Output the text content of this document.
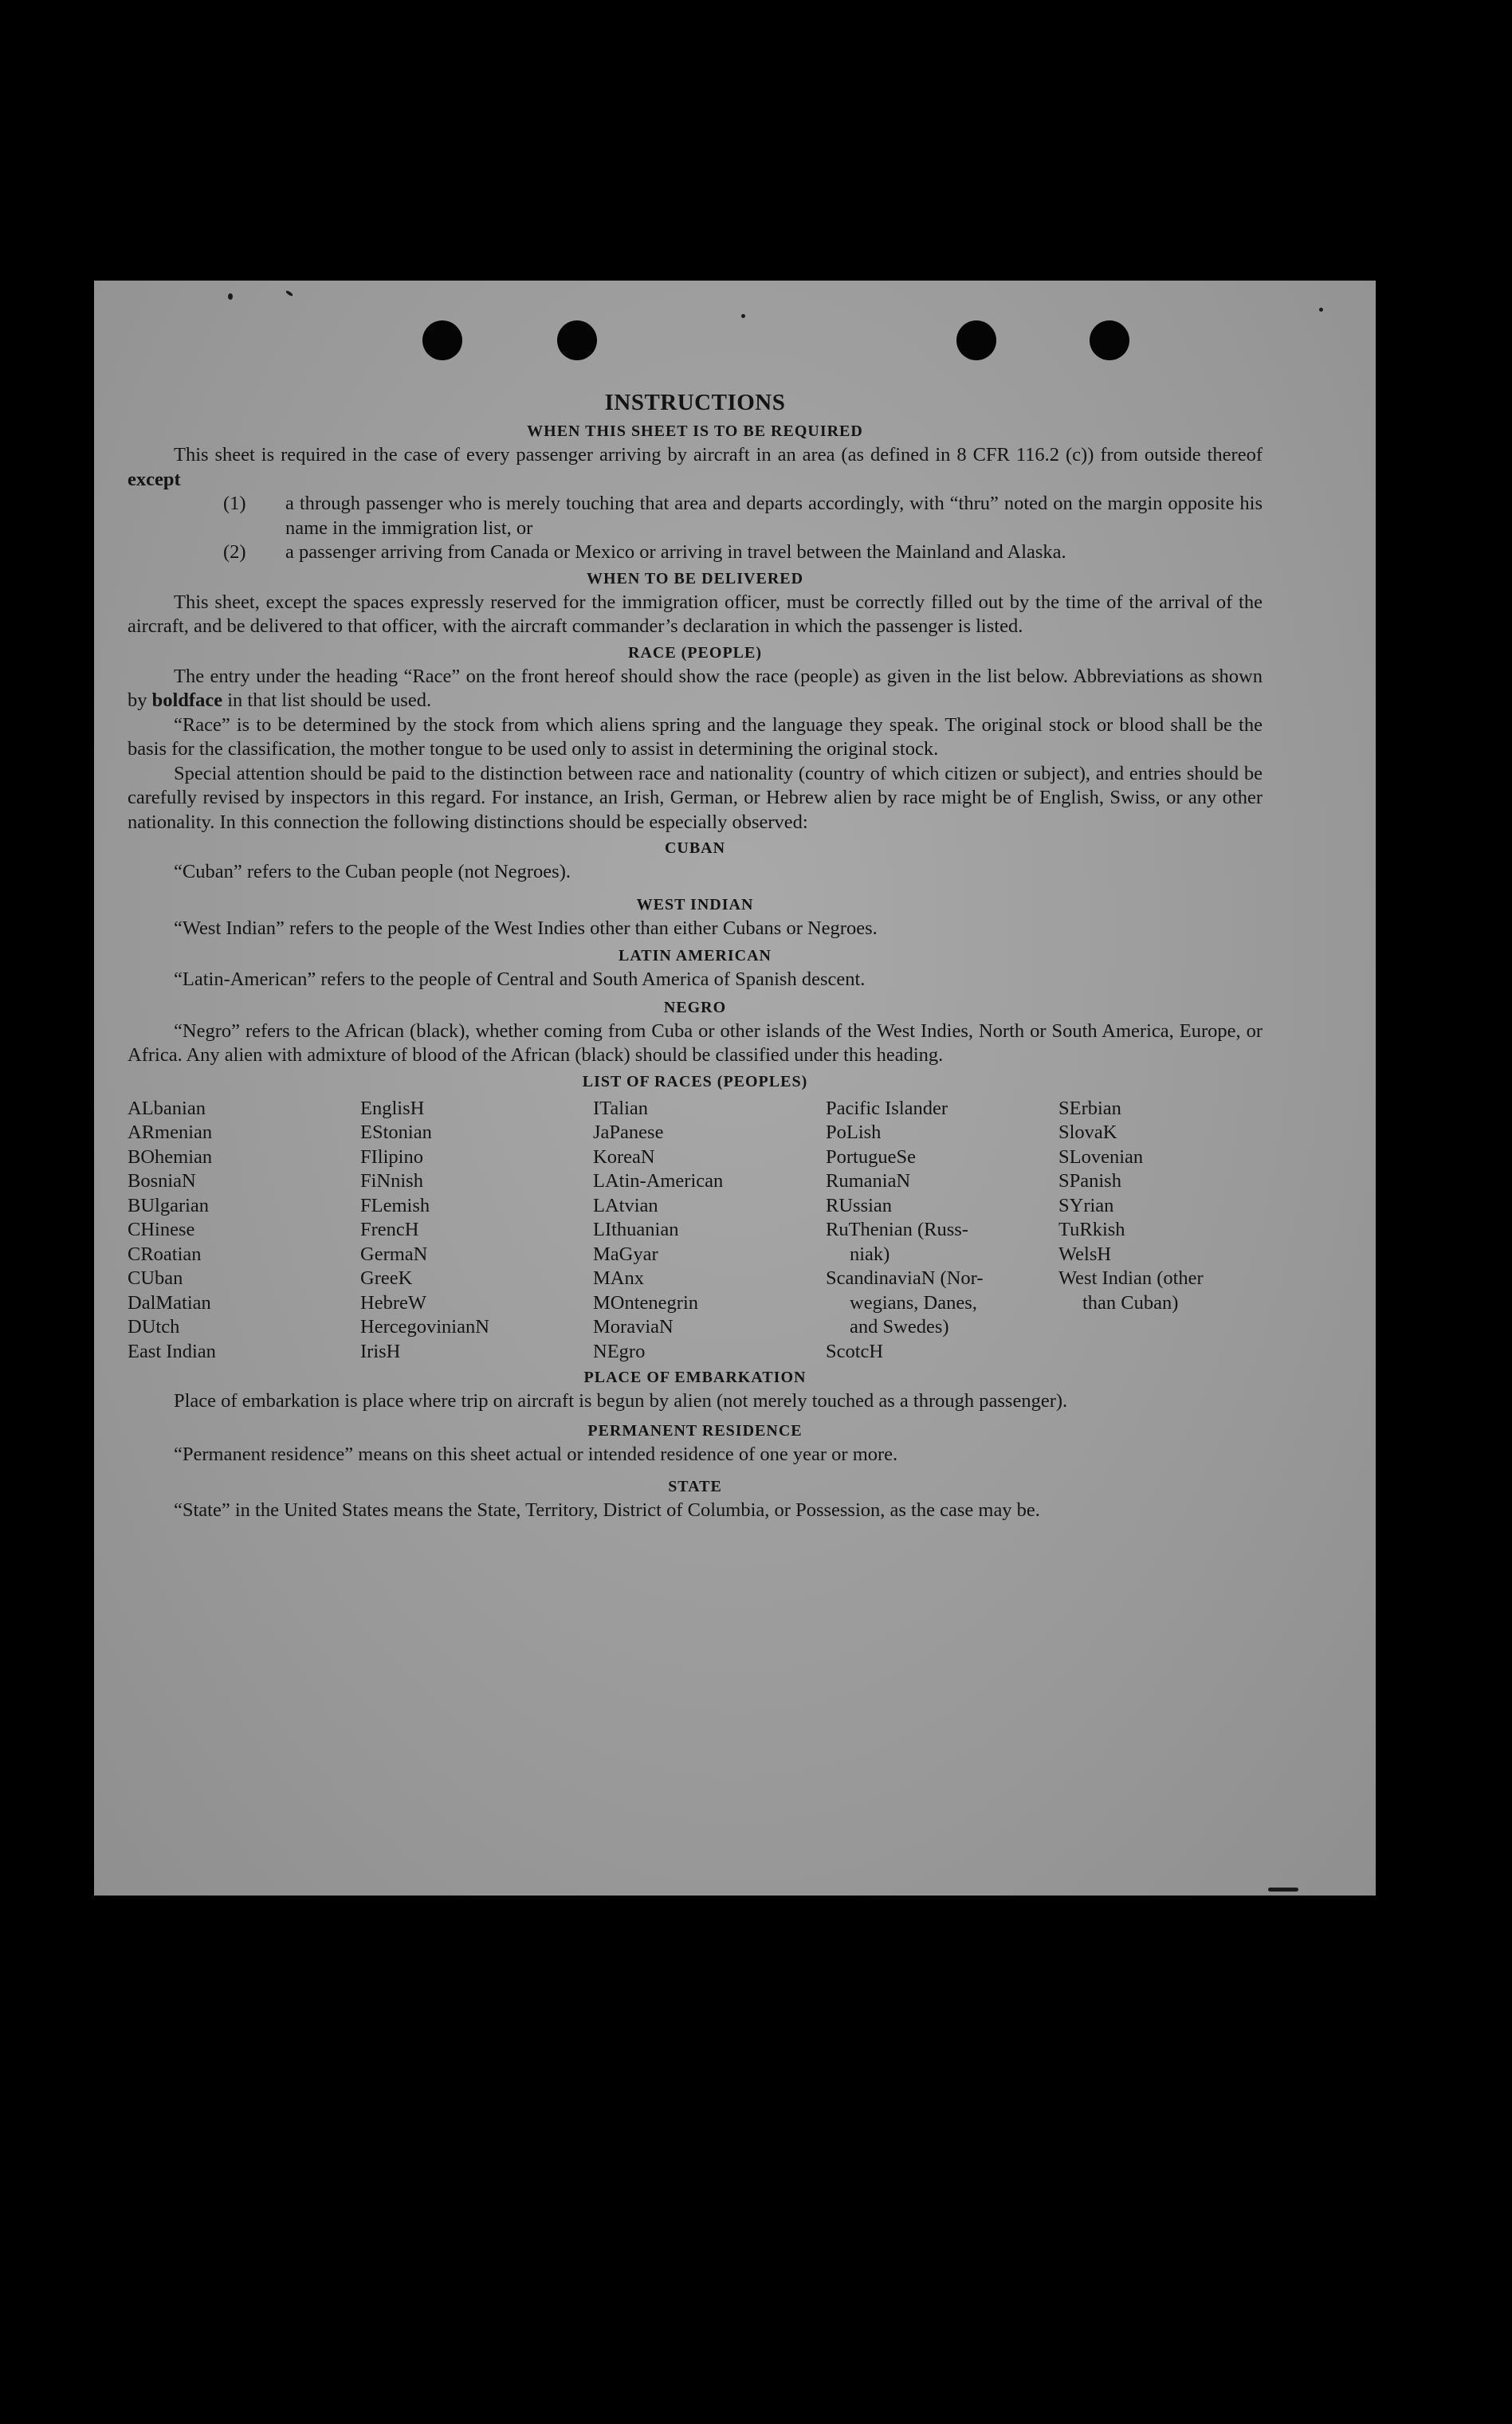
INSTRUCTIONS
WHEN THIS SHEET IS TO BE REQUIRED

This sheet is required in the case of every passenger arriving by aircraft in an area (as defined in 8 CFR 116.2 (c)) from outside thereof except

(1) a through passenger who is merely touching that area and departs accordingly, with “thru” noted on the margin opposite his name in the immigration list, or

(2) a passenger arriving from Canada or Mexico or arriving in travel between the Mainland and Alaska.

WHEN TO BE DELIVERED

This sheet, except the spaces expressly reserved for the immigration officer, must be correctly filled out by the time of the arrival of the aircraft, and be delivered to that officer, with the aircraft commander’s declaration in which the passenger is listed.

RACE (PEOPLE)

The entry under the heading “Race” on the front hereof should show the race (people) as given in the list below. Abbreviations as shown by boldface in that list should be used.

“Race” is to be determined by the stock from which aliens spring and the language they speak. The original stock or blood shall be the basis for the classification, the mother tongue to be used only to assist in determining the original stock.

Special attention should be paid to the distinction between race and nationality (country of which citizen or subject), and entries should be carefully revised by inspectors in this regard. For instance, an Irish, German, or Hebrew alien by race might be of English, Swiss, or any other nationality. In this connection the following distinctions should be especially observed:

CUBAN

“Cuban” refers to the Cuban people (not Negroes).

WEST INDIAN

“West Indian” refers to the people of the West Indies other than either Cubans or Negroes.

LATIN AMERICAN

“Latin-American” refers to the people of Central and South America of Spanish descent.

NEGRO

“Negro” refers to the African (black), whether coming from Cuba or other islands of the West Indies, North or South America, Europe, or Africa. Any alien with admixture of blood of the African (black) should be classified under this heading.

LIST OF RACES (PEOPLES)
ALbanian
ARmenian
BOhemian
BosniaN
BUlgarian
CHinese
CRoatian
CUban
DalMatian
DUtch
East Indian
EnglisH
EStonian
FIlipino
FiNnish
FLemish
FrencH
GermaN
GreeK
HebreW
HercegovinianN
IrisH
ITalian
JaPanese
KoreaN
LAtin-American
LAtvian
LIthuanian
MaGyar
MAnx
MOntenegrin
MoraviaN
NEgro
Pacific Islander
PoLish
PortugueSe
RumaniaN
RUssian
RuThenian (Russ-
niak)
ScandinaviaN (Nor-
wegians, Danes,
and Swedes)
ScotcH
SErbian
SlovaK
SLovenian
SPanish
SYrian
TuRkish
WelsH
West Indian (other
than Cuban)
PLACE OF EMBARKATION

Place of embarkation is place where trip on aircraft is begun by alien (not merely touched as a through passenger).

PERMANENT RESIDENCE

“Permanent residence” means on this sheet actual or intended residence of one year or more.

STATE

“State” in the United States means the State, Territory, District of Columbia, or Possession, as the case may be.
